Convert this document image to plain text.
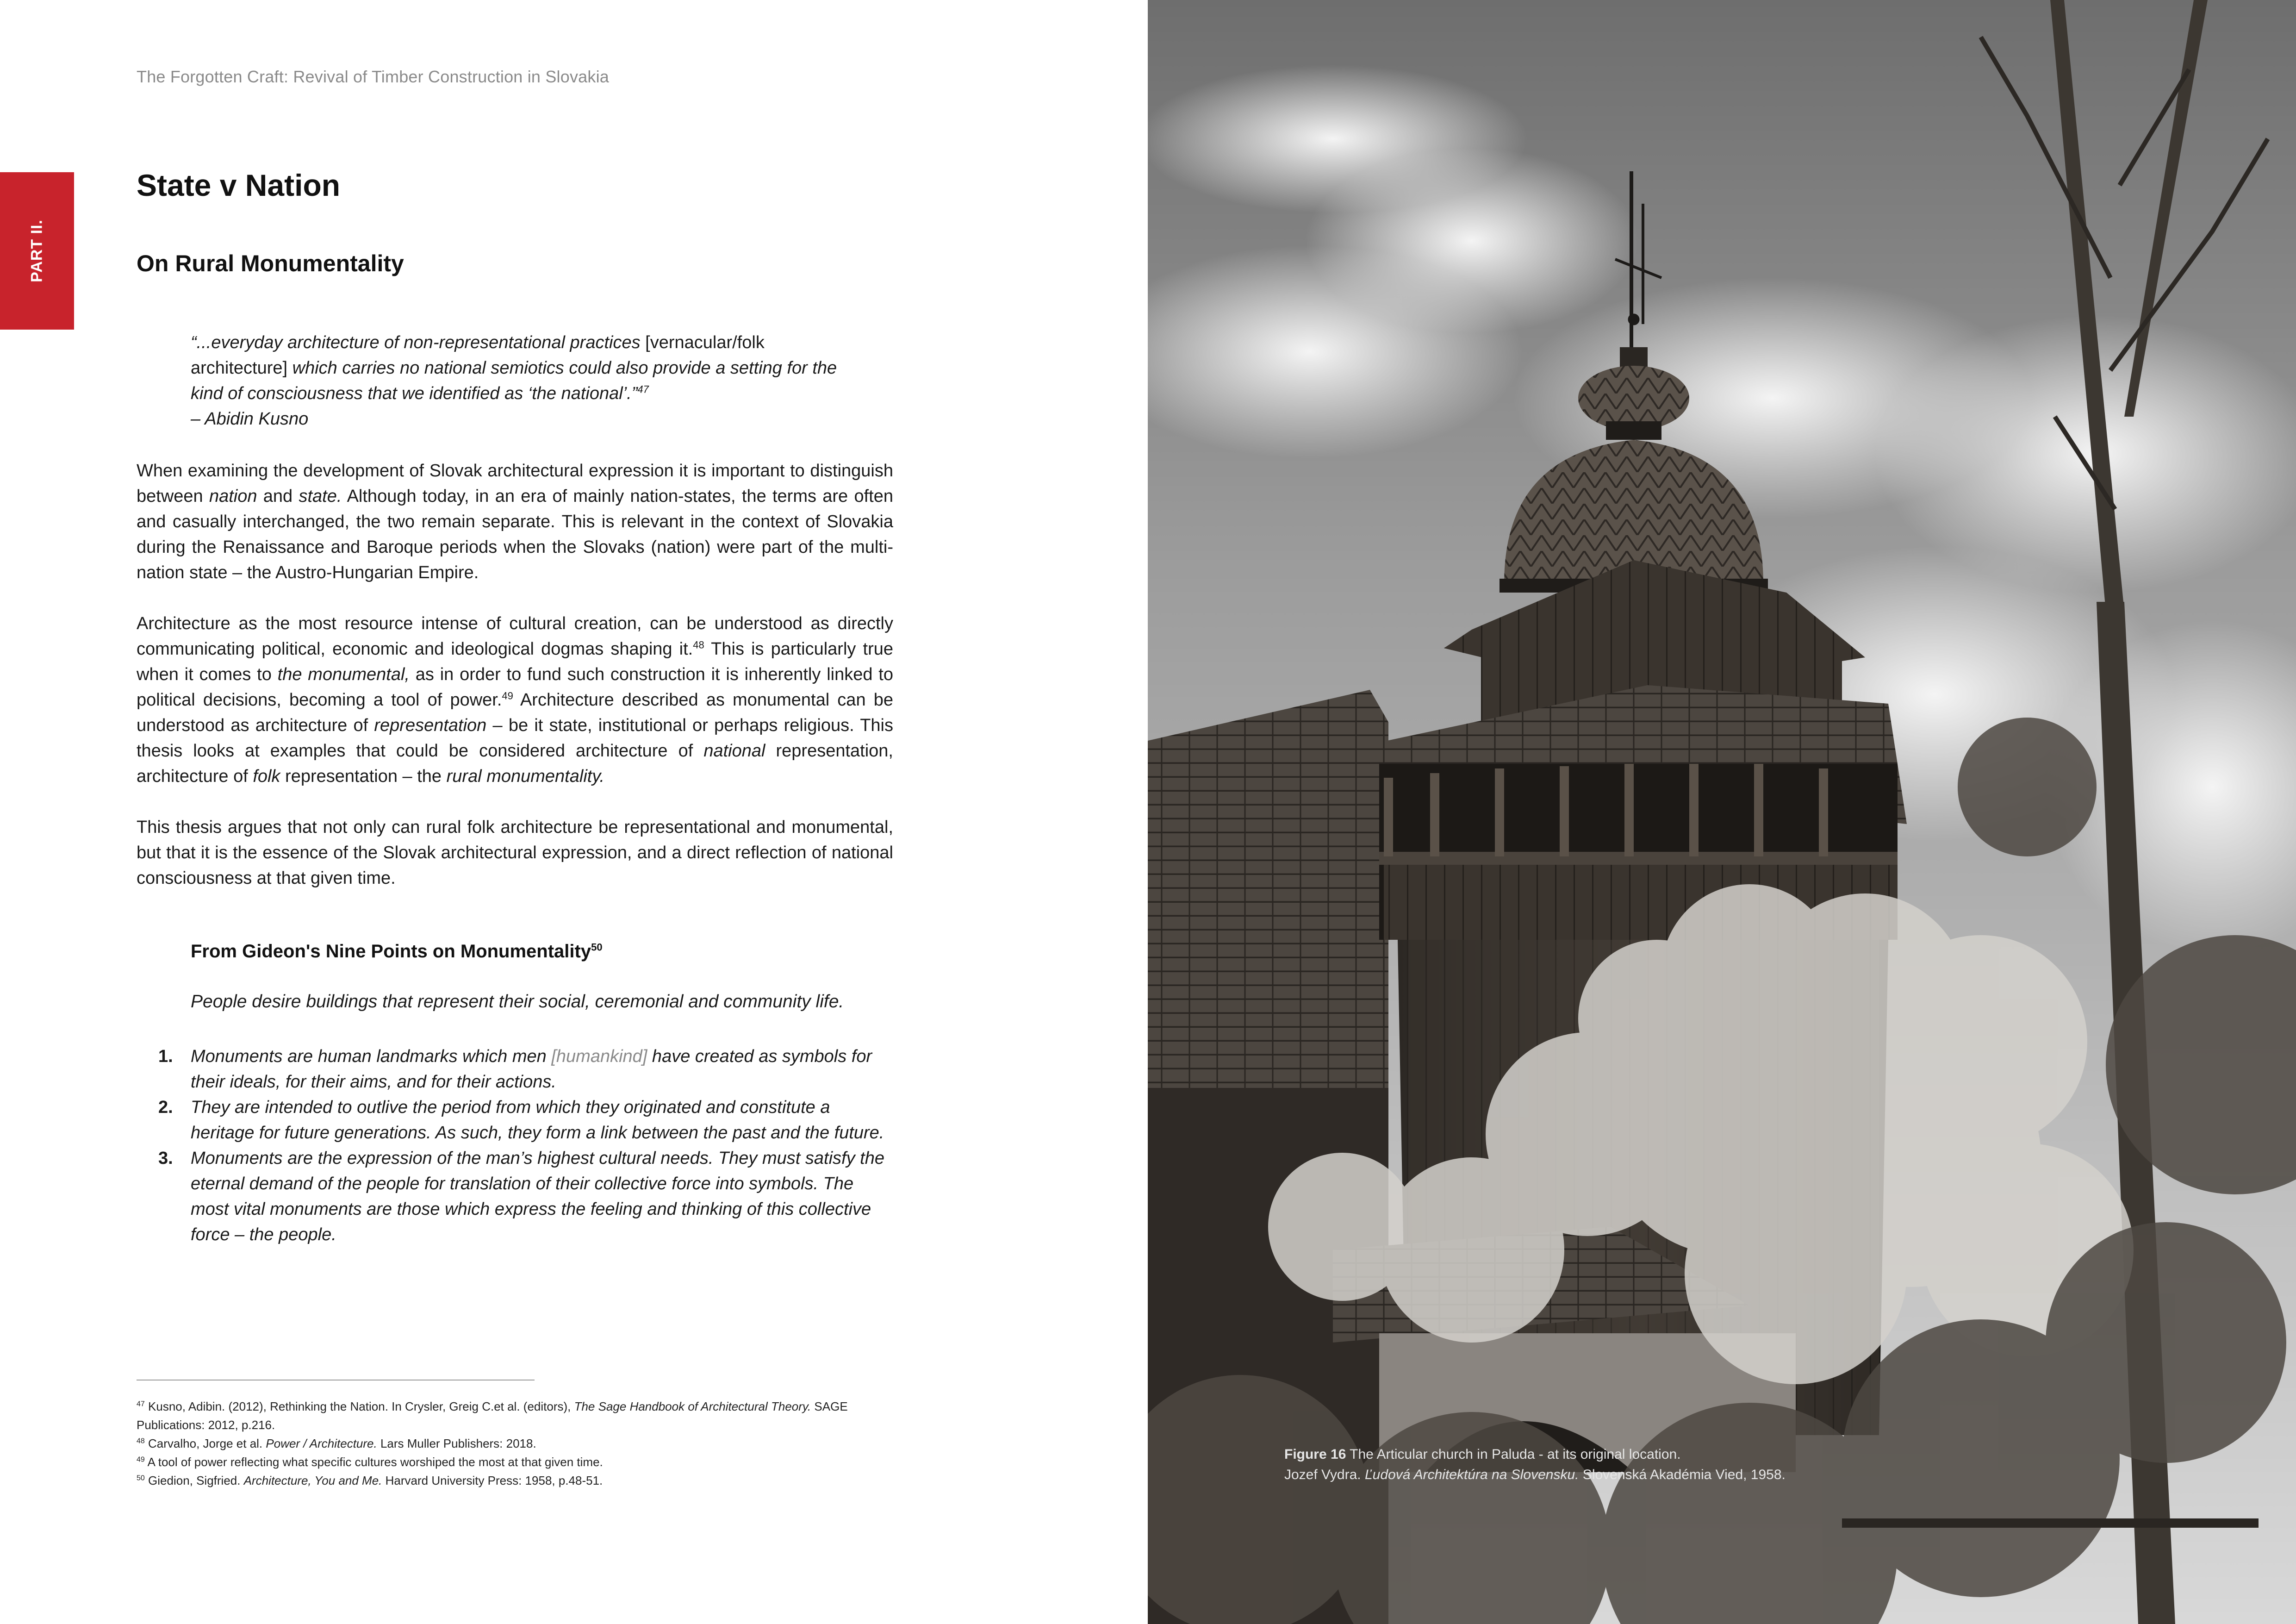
The Forgotten Craft: Revival of Timber Construction in Slovakia
PART II.
State v Nation
On Rural Monumentality
“...everyday architecture of non-representational practices [vernacular/folk architecture] which carries no national semiotics could also provide a setting for the kind of consciousness that we identified as ‘the national’.”$^{47}$
– Abidin Kusno

When examining the development of Slovak architectural expression it is important to distinguish between nation and state. Although today, in an era of mainly nation-states, the terms are often and casually interchanged, the two remain separate. This is relevant in the context of Slovakia during the Renaissance and Baroque periods when the Slovaks (nation) were part of the multi-nation state – the Austro-Hungarian Empire.

Architecture as the most resource intense of cultural creation, can be understood as directly communicating political, economic and ideological dogmas shaping it.$^{48}$ This is particularly true when it comes to the monumental, as in order to fund such construction it is inherently linked to political decisions, becoming a tool of power.$^{49}$ Architecture described as monumental can be understood as architecture of representation – be it state, institutional or perhaps religious. This thesis looks at examples that could be considered architecture of national representation, architecture of folk representation – the rural monumentality.

This thesis argues that not only can rural folk architecture be representational and monumental, but that it is the essence of the Slovak architectural expression, and a direct reflection of national consciousness at that given time.

From Gideon's Nine Points on Monumentality$^{50}$
People desire buildings that represent their social, ceremonial and community life.
1. Monuments are human landmarks which men [humankind] have created as symbols for their ideals, for their aims, and for their actions.
2. They are intended to outlive the period from which they originated and constitute a heritage for future generations. As such, they form a link between the past and the future.
3. Monuments are the expression of the man’s highest cultural needs. They must satisfy the eternal demand of the people for translation of their collective force into symbols. The most vital monuments are those which express the feeling and thinking of this collective force – the people.
$^{47}$ Kusno, Adibin. (2012), Rethinking the Nation. In Crysler, Greig C.et al. (editors), The Sage Handbook of Architectural Theory. SAGE Publications: 2012, p.216.
$^{48}$ Carvalho, Jorge et al. Power / Architecture. Lars Muller Publishers: 2018.
$^{49}$ A tool of power reflecting what specific cultures worshiped the most at that given time.
$^{50}$ Giedion, Sigfried. Architecture, You and Me. Harvard University Press: 1958, p.48-51.
Figure 16 The Articular church in Paluda - at its original location.
Jozef Vydra. Ľudová Architektúra na Slovensku. Slovenská Akadémia Vied, 1958.
